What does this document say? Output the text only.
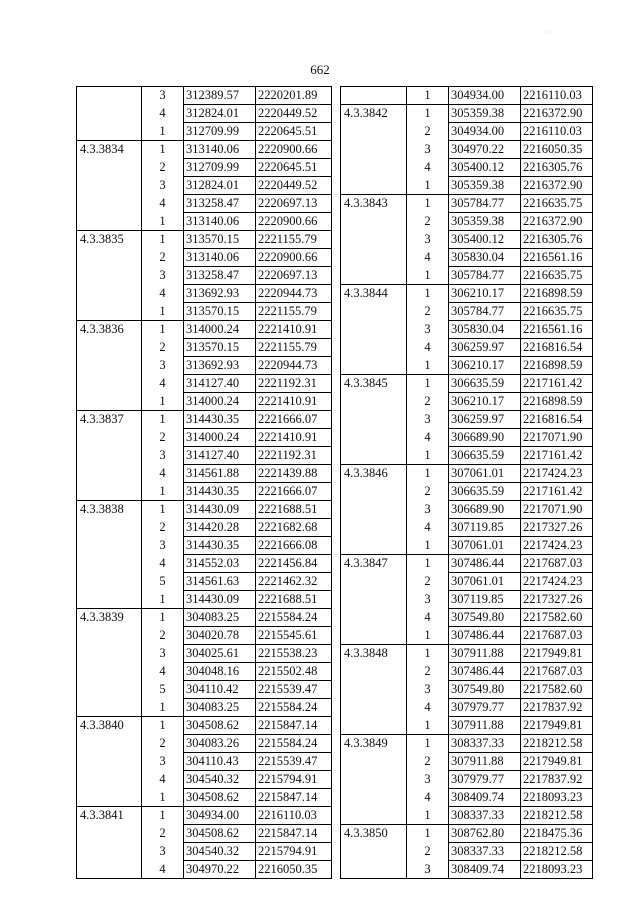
· · · ·
662
	3	312389.57	2220201.89
	4	312824.01	2220449.52
	1	312709.99	2220645.51
4.3.3834	1	313140.06	2220900.66
	2	312709.99	2220645.51
	3	312824.01	2220449.52
	4	313258.47	2220697.13
	1	313140.06	2220900.66
4.3.3835	1	313570.15	2221155.79
	2	313140.06	2220900.66
	3	313258.47	2220697.13
	4	313692.93	2220944.73
	1	313570.15	2221155.79
4.3.3836	1	314000.24	2221410.91
	2	313570.15	2221155.79
	3	313692.93	2220944.73
	4	314127.40	2221192.31
	1	314000.24	2221410.91
4.3.3837	1	314430.35	2221666.07
	2	314000.24	2221410.91
	3	314127.40	2221192.31
	4	314561.88	2221439.88
	1	314430.35	2221666.07
4.3.3838	1	314430.09	2221688.51
	2	314420.28	2221682.68
	3	314430.35	2221666.08
	4	314552.03	2221456.84
	5	314561.63	2221462.32
	1	314430.09	2221688.51
4.3.3839	1	304083.25	2215584.24
	2	304020.78	2215545.61
	3	304025.61	2215538.23
	4	304048.16	2215502.48
	5	304110.42	2215539.47
	1	304083.25	2215584.24
4.3.3840	1	304508.62	2215847.14
	2	304083.26	2215584.24
	3	304110.43	2215539.47
	4	304540.32	2215794.91
	1	304508.62	2215847.14
4.3.3841	1	304934.00	2216110.03
	2	304508.62	2215847.14
	3	304540.32	2215794.91
	4	304970.22	2216050.35
	1	304934.00	2216110.03
4.3.3842	1	305359.38	2216372.90
	2	304934.00	2216110.03
	3	304970.22	2216050.35
	4	305400.12	2216305.76
	1	305359.38	2216372.90
4.3.3843	1	305784.77	2216635.75
	2	305359.38	2216372.90
	3	305400.12	2216305.76
	4	305830.04	2216561.16
	1	305784.77	2216635.75
4.3.3844	1	306210.17	2216898.59
	2	305784.77	2216635.75
	3	305830.04	2216561.16
	4	306259.97	2216816.54
	1	306210.17	2216898.59
4.3.3845	1	306635.59	2217161.42
	2	306210.17	2216898.59
	3	306259.97	2216816.54
	4	306689.90	2217071.90
	1	306635.59	2217161.42
4.3.3846	1	307061.01	2217424.23
	2	306635.59	2217161.42
	3	306689.90	2217071.90
	4	307119.85	2217327.26
	1	307061.01	2217424.23
4.3.3847	1	307486.44	2217687.03
	2	307061.01	2217424.23
	3	307119.85	2217327.26
	4	307549.80	2217582.60
	1	307486.44	2217687.03
4.3.3848	1	307911.88	2217949.81
	2	307486.44	2217687.03
	3	307549.80	2217582.60
	4	307979.77	2217837.92
	1	307911.88	2217949.81
4.3.3849	1	308337.33	2218212.58
	2	307911.88	2217949.81
	3	307979.77	2217837.92
	4	308409.74	2218093.23
	1	308337.33	2218212.58
4.3.3850	1	308762.80	2218475.36
	2	308337.33	2218212.58
	3	308409.74	2218093.23
